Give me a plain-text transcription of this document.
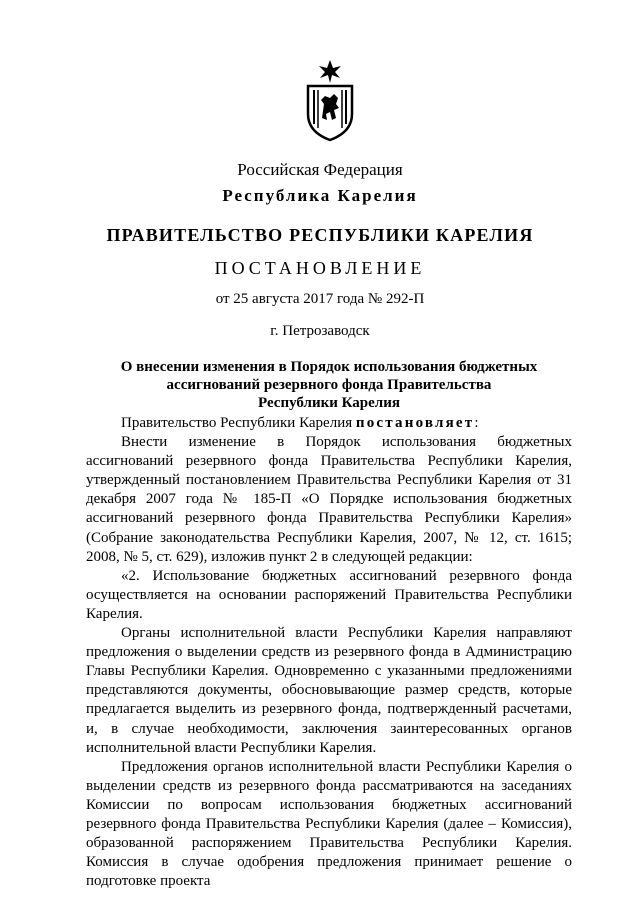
Российская Федерация
Республика Карелия
ПРАВИТЕЛЬСТВО РЕСПУБЛИКИ КАРЕЛИЯ
ПОСТАНОВЛЕНИЕ
от 25 августа 2017 года № 292-П
г. Петрозаводск
О внесении изменения в Порядок использования бюджетных
ассигнований резервного фонда Правительства
Республики Карелия

Правительство Республики Карелия постановляет:

Внести изменение в Порядок использования бюджетных ассигнований резервного фонда Правительства Республики Карелия, утвержденный постановлением Правительства Республики Карелия от 31 декабря 2007 года № 185-П «О Порядке использования бюджетных ассигнований резервного фонда Правительства Республики Карелия» (Собрание законодательства Республики Карелия, 2007, № 12, ст. 1615; 2008, № 5, ст. 629), изложив пункт 2 в следующей редакции:

«2. Использование бюджетных ассигнований резервного фонда осуществляется на основании распоряжений Правительства Республики Карелия.

Органы исполнительной власти Республики Карелия направляют предложения о выделении средств из резервного фонда в Администрацию Главы Республики Карелия. Одновременно с указанными предложениями представляются документы, обосновывающие размер средств, которые предлагается выделить из резервного фонда, подтвержденный расчетами, и, в случае необходимости, заключения заинтересованных органов исполнительной власти Республики Карелия.

Предложения органов исполнительной власти Республики Карелия о выделении средств из резервного фонда рассматриваются на заседаниях Комиссии по вопросам использования бюджетных ассигнований резервного фонда Правительства Республики Карелия (далее – Комиссия), образованной распоряжением Правительства Республики Карелия. Комиссия в случае одобрения предложения принимает решение о подготовке проекта
